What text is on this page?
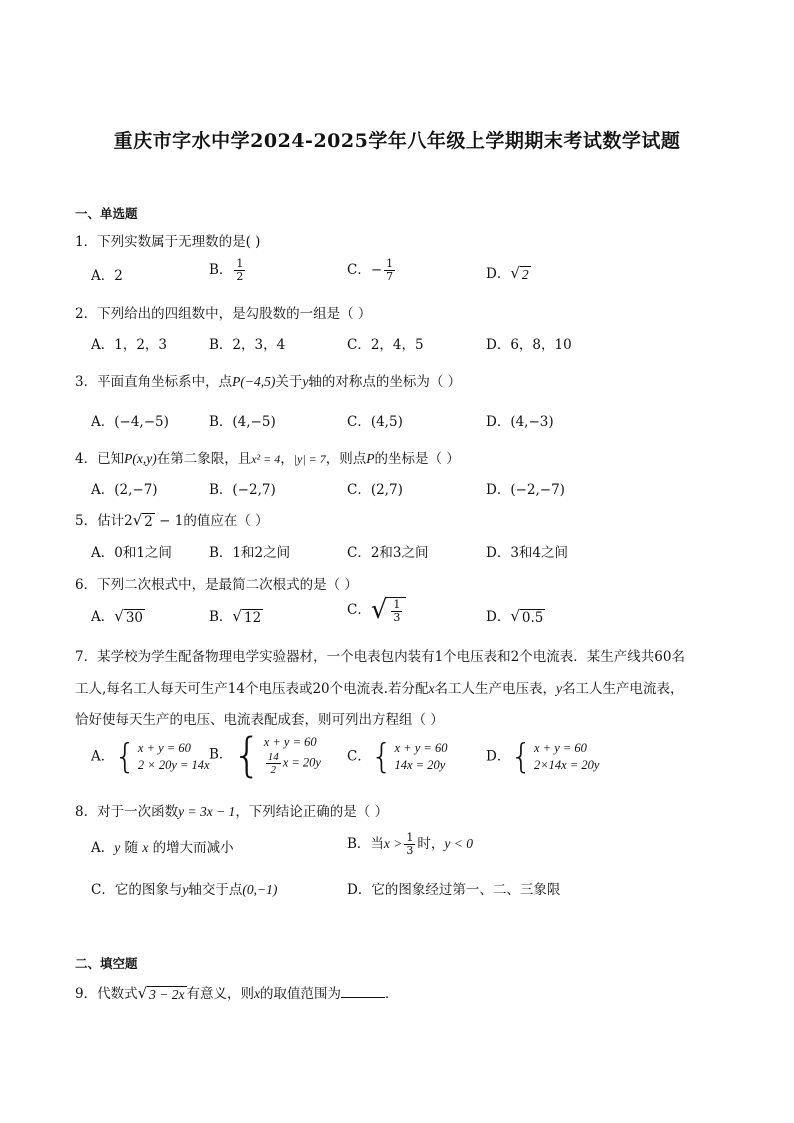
重庆市字水中学2024-2025学年八年级上学期期末考试数学试题
一、单选题
1．下列实数属于无理数的是( )
A．2	B． $\frac{1}{2}$	C．− $\frac{1}{7}$	D． √ 2
2．下列给出的四组数中，是勾股数的一组是（ ）
A．1，2，3	B．2，3，4	C．2，4，5	D．6，8，10
3．平面直角坐标系中，点P(−4,5)关于y轴的对称点的坐标为（ ）
A．(−4,−5)	B．(4,−5)	C．(4,5)	D．(4,−3)
4．已知P(x,y)在第二象限，且x² = 4，|y| = 7，则点P的坐标是（ ）
A．(2,−7)	B．(−2,7)	C．(2,7)	D．(−2,−7)
5．估计2 √ 2 − 1的值应在（ ）
A．0和1之间	B．1和2之间	C．2和3之间	D．3和4之间
6．下列二次根式中，是最简二次根式的是（ ）
A． √ 30	B． √ 12	C． √ $\frac{1}{3}$	D． √ 0.5
7．某学校为学生配备物理电学实验器材，一个电表包内装有1个电压表和2个电流表．某生产线共60名
工人,每名工人每天可生产14个电压表或20个电流表.若分配x名工人生产电压表，y名工人生产电流表，
恰好使每天生产的电压、电流表配成套，则可列出方程组（ ）
A． { x + y = 60
2 × 20y = 14x
B． { x + y = 60
$\frac{14}{2}$ x = 20y C． { x + y = 60
14x = 20y
D． { x + y = 60
2×14x = 20y
8．对于一次函数y = 3x − 1，下列结论正确的是（ ）
A．y 随 x 的增大而减小	B．当$x > \frac{1}{3}$ 时，y < 0
C．它的图象与y轴交于点(0,−1)	D．它的图象经过第一、二、三象限
二、填空题
9．代数式 √ 3 − 2x 有意义，则x的取值范围为	．
